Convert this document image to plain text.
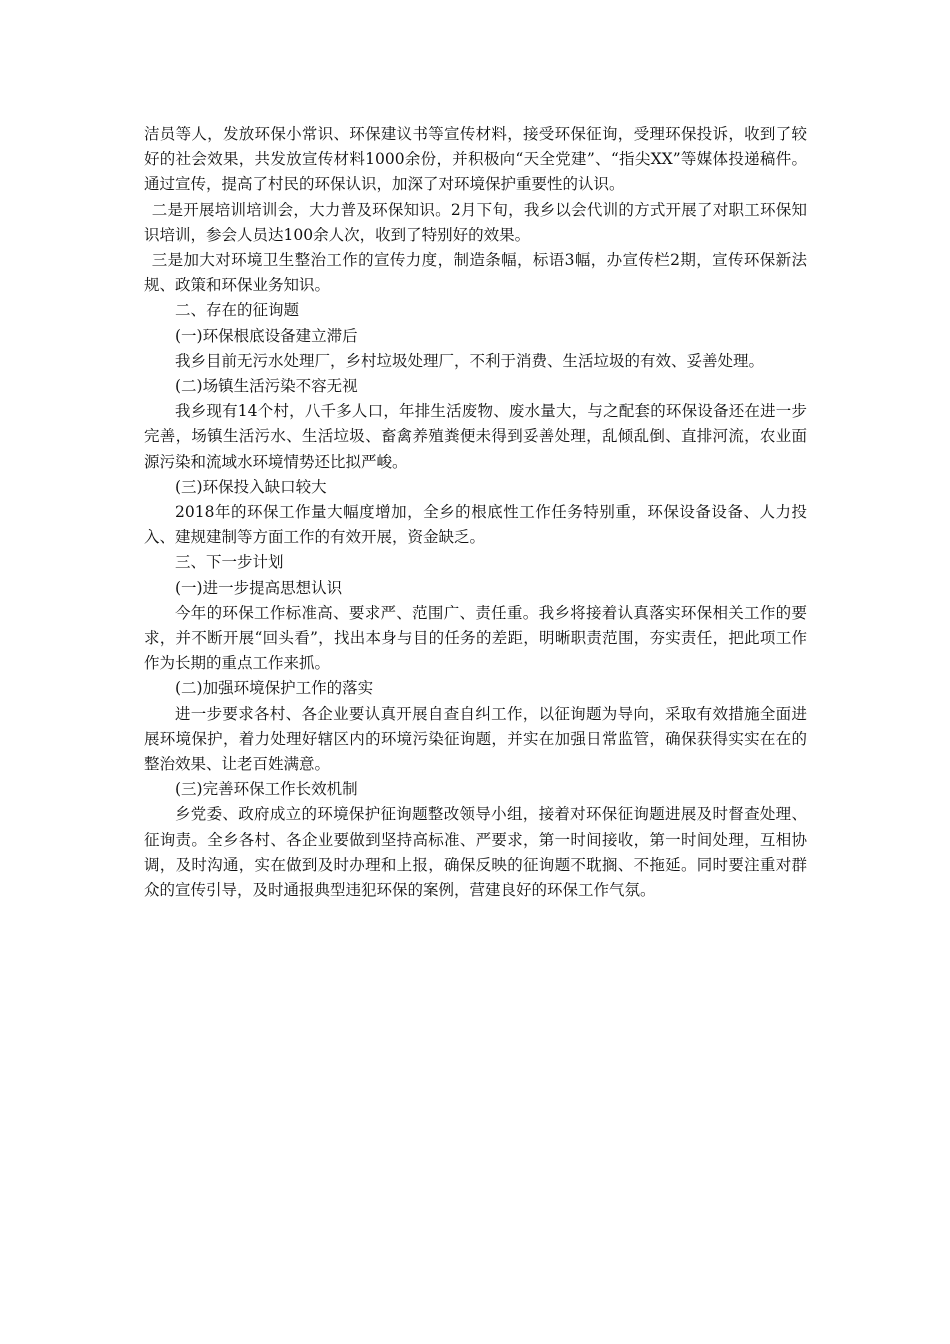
洁员等人，发放环保小常识、环保建议书等宣传材料，接受环保征询，受理环保投诉，收到了较好的社会效果，共发放宣传材料1000余份，并积极向“天全党建”、“指尖XX”等媒体投递稿件。通过宣传，提高了村民的环保认识，加深了对环境保护重要性的认识。

二是开展培训培训会，大力普及环保知识。2月下旬，我乡以会代训的方式开展了对职工环保知识培训，参会人员达100余人次，收到了特别好的效果。

三是加大对环境卫生整治工作的宣传力度，制造条幅，标语3幅，办宣传栏2期，宣传环保新法规、政策和环保业务知识。

二、存在的征询题

(一)环保根底设备建立滞后

我乡目前无污水处理厂，乡村垃圾处理厂，不利于消费、生活垃圾的有效、妥善处理。

(二)场镇生活污染不容无视

我乡现有14个村，八千多人口，年排生活废物、废水量大，与之配套的环保设备还在进一步完善，场镇生活污水、生活垃圾、畜禽养殖粪便未得到妥善处理，乱倾乱倒、直排河流，农业面源污染和流域水环境情势还比拟严峻。

(三)环保投入缺口较大

2018年的环保工作量大幅度增加，全乡的根底性工作任务特别重，环保设备设备、人力投入、建规建制等方面工作的有效开展，资金缺乏。

三、下一步计划

(一)进一步提高思想认识

今年的环保工作标准高、要求严、范围广、责任重。我乡将接着认真落实环保相关工作的要求，并不断开展“回头看”，找出本身与目的任务的差距，明晰职责范围，夯实责任，把此项工作作为长期的重点工作来抓。

(二)加强环境保护工作的落实

进一步要求各村、各企业要认真开展自查自纠工作，以征询题为导向，采取有效措施全面进展环境保护，着力处理好辖区内的环境污染征询题，并实在加强日常监管，确保获得实实在在的整治效果、让老百姓满意。

(三)完善环保工作长效机制

乡党委、政府成立的环境保护征询题整改领导小组，接着对环保征询题进展及时督查处理、征询责。全乡各村、各企业要做到坚持高标准、严要求，第一时间接收，第一时间处理，互相协调，及时沟通，实在做到及时办理和上报，确保反映的征询题不耽搁、不拖延。同时要注重对群众的宣传引导，及时通报典型违犯环保的案例，营建良好的环保工作气氛。
